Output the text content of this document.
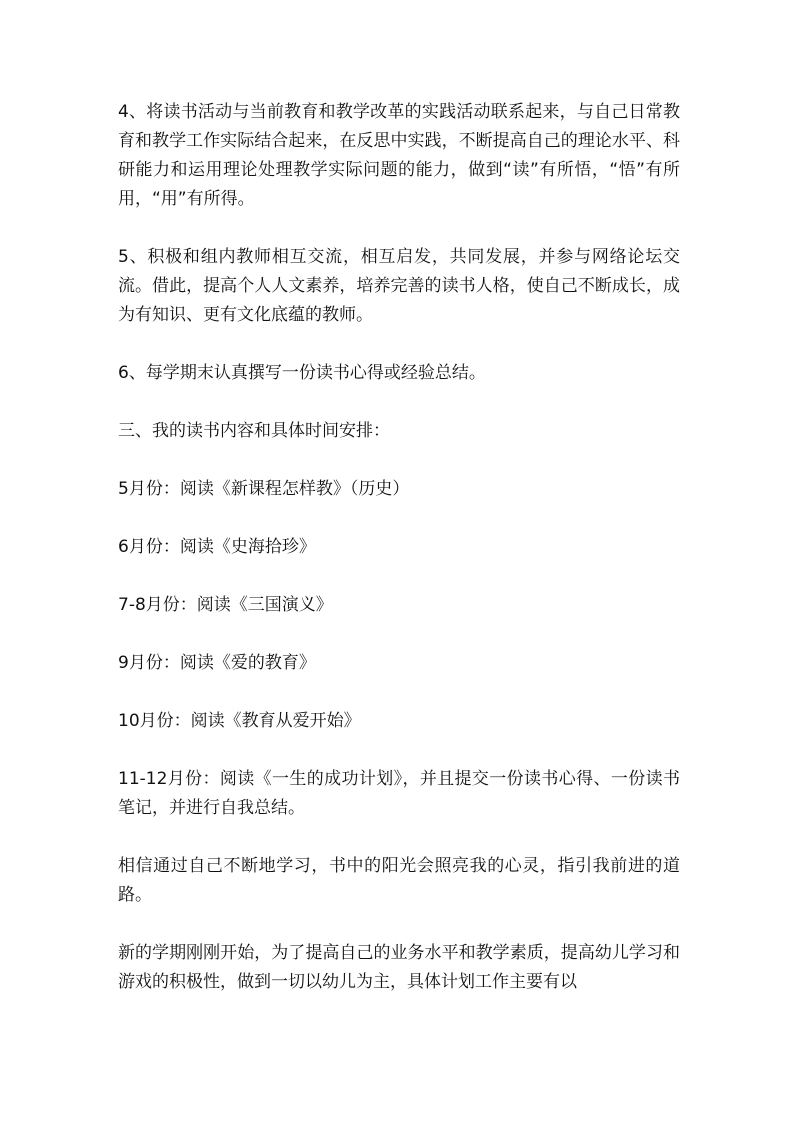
4、将读书活动与当前教育和教学改革的实践活动联系起来，与自己日常教育和教学工作实际结合起来，在反思中实践，不断提高自己的理论水平、科研能力和运用理论处理教学实际问题的能力，做到“读”有所悟，“悟”有所用，“用”有所得。

5、积极和组内教师相互交流，相互启发，共同发展，并参与网络论坛交流。借此，提高个人人文素养，培养完善的读书人格，使自己不断成长，成为有知识、更有文化底蕴的教师。

6、每学期末认真撰写一份读书心得或经验总结。

三、我的读书内容和具体时间安排：

5月份：阅读《新课程怎样教》（历史）

6月份：阅读《史海拾珍》

7-8月份：阅读《三国演义》

9月份：阅读《爱的教育》

10月份：阅读《教育从爱开始》

11-12月份：阅读《一生的成功计划》，并且提交一份读书心得、一份读书笔记，并进行自我总结。

相信通过自己不断地学习，书中的阳光会照亮我的心灵，指引我前进的道路。

新的学期刚刚开始，为了提高自己的业务水平和教学素质，提高幼儿学习和游戏的积极性，做到一切以幼儿为主，具体计划工作主要有以
